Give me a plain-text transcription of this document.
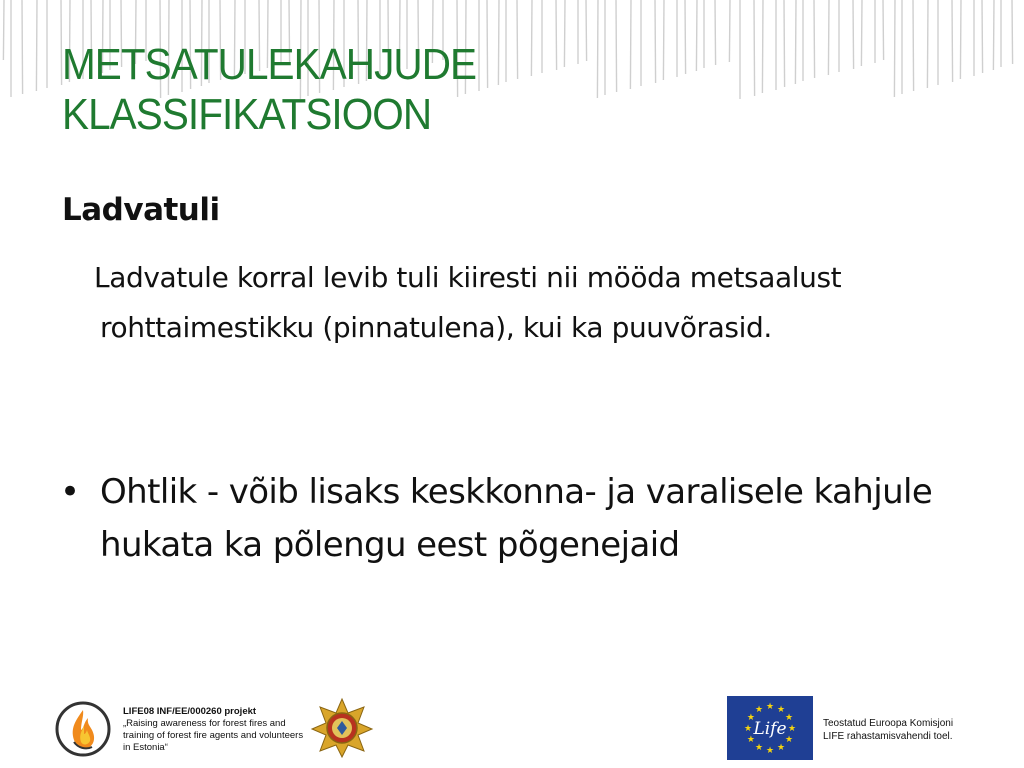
METSATULEKAHJUDE
KLASSIFIKATSIOON
Ladvatuli
Ladvatule korral levib tuli kiiresti nii mööda metsaalust rohttaimestikku (pinnatulena), kui ka puuvõrasid.
• Ohtlik - võib lisaks keskkonna- ja varalisele kahjule hukata ka põlengu eest põgenejaid
LIFE08 INF/EE/000260 projekt
„Raising awareness for forest fires and training of forest fire agents and volunteers in Estonia“
★ ★
★
★
★
★
★
★
★
★
★
★
Life	Teostatud Euroopa Komisjoni
LIFE rahastamisvahendi toel.
